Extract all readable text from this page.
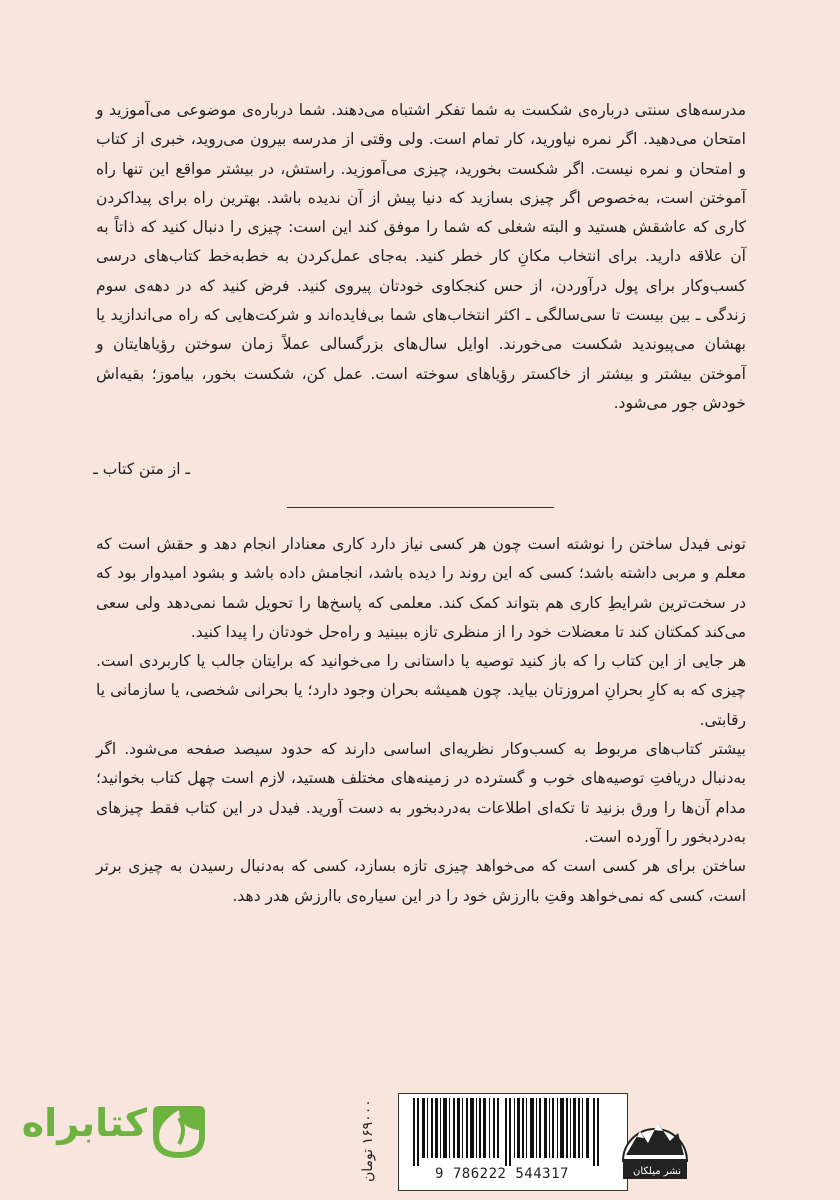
مدرسه‌های سنتی درباره‌ی شکست به شما تفکر اشتباه می‌دهند. شما درباره‌ی موضوعی می‌آموزید و امتحان می‌دهید. اگر نمره نیاورید، کار تمام است. ولی وقتی از مدرسه بیرون می‌روید، خبری از کتاب و امتحان و نمره نیست. اگر شکست بخورید، چیزی می‌آموزید. راستش، در بیشتر مواقع این تنها راه آموختن است، به‌خصوص اگر چیزی بسازید که دنیا پیش از آن ندیده باشد. بهترین راه برای پیداکردن کاری که عاشقش هستید و البته شغلی که شما را موفق کند این است: چیزی را دنبال کنید که ذاتاً به آن علاقه دارید. برای انتخاب مکانِ کار خطر کنید. به‌جای عمل‌کردن به خط‌به‌خط کتاب‌های درسی کسب‌وکار برای پول درآوردن، از حس کنجکاوی خودتان پیروی کنید. فرض کنید که در دهه‌ی سوم زندگی ـ بین بیست تا سی‌سالگی ـ اکثر انتخاب‌های شما بی‌فایده‌اند و شرکت‌هایی که راه می‌اندازید یا بهشان می‌پیوندید شکست می‌خورند. اوایل سال‌های بزرگسالی عملاً زمان سوختن رؤیاهایتان و آموختن بیشتر و بیشتر از خاکستر رؤیاهای سوخته است. عمل کن، شکست بخور، بیاموز؛ بقیه‌اش خودش جور می‌شود.

ـ از متن کتاب ـ

تونی فیدل ساختن را نوشته است چون هر کسی نیاز دارد کاری معنادار انجام دهد و حقش است که معلم و مربی داشته باشد؛ کسی که این روند را دیده باشد، انجامش داده باشد و بشود امیدوار بود که در سخت‌ترین شرایطِ کاری هم بتواند کمک کند. معلمی که پاسخ‌ها را تحویل شما نمی‌دهد ولی سعی می‌کند کمکتان کند تا معضلات خود را از منظری تازه ببینید و راه‌حل خودتان را پیدا کنید.

هر جایی از این کتاب را که باز کنید توصیه یا داستانی را می‌خوانید که برایتان جالب یا کاربردی است. چیزی که به کارِ بحرانِ امروزتان بیاید. چون همیشه بحران وجود دارد؛ یا بحرانی شخصی، یا سازمانی یا رقابتی.

بیشتر کتاب‌های مربوط به کسب‌وکار نظریه‌ای اساسی دارند که حدود سیصد صفحه می‌شود. اگر به‌دنبال دریافتِ توصیه‌های خوب و گسترده در زمینه‌های مختلف هستید، لازم است چهل کتاب بخوانید؛ مدام آن‌ها را ورق بزنید تا تکه‌ای اطلاعات به‌دردبخور به دست آورید. فیدل در این کتاب فقط چیزهای به‌دردبخور را آورده است.

ساختن برای هر کسی است که می‌خواهد چیزی تازه بسازد، کسی که به‌دنبال رسیدن به چیزی برتر است، کسی که نمی‌خواهد وقتِ باارزش خود را در این سیاره‌ی باارزش هدر دهد.

۱۶۹۰۰۰ تومان
9 786222 544317	نشر میلکان
کتابراه
